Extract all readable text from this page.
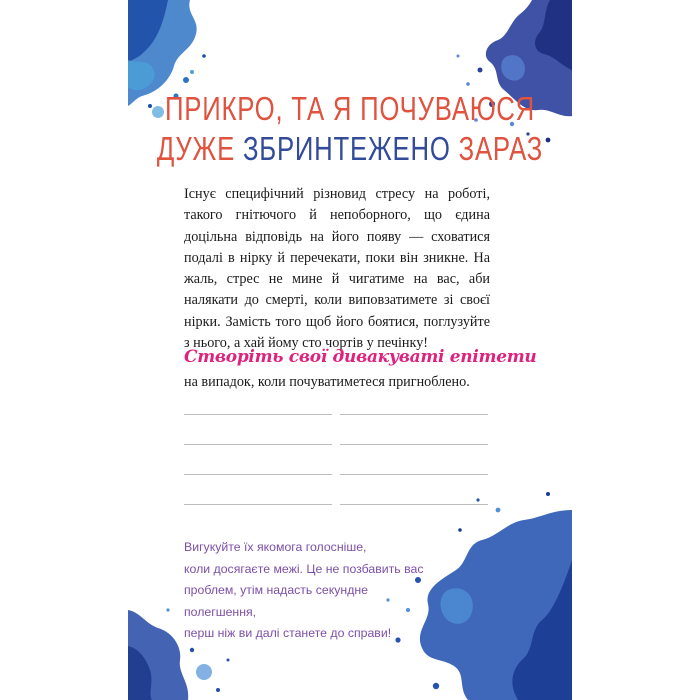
ПРИКРО, ТА Я ПОЧУВАЮСЯ
ДУЖЕ ЗБРИНТЕЖЕНО ЗАРАЗ
Існує специфічний різновид стресу на роботі, такого гнітючого й непоборного, що єдина доцільна відповідь на його появу — сховатися подалі в нірку й перечекати, поки він зникне. На жаль, стрес не мине й чигатиме на вас, аби налякати до смерті, коли виповзатимете зі своєї нірки. Замість того щоб його боятися, поглузуйте з нього, а хай йому сто чортів у печінку!
Створіть свої дивакуваті епітети
на випадок, коли почуватиметеся пригноблено.
Вигукуйте їх якомога голосніше,
коли досягаєте межі. Це не позбавить вас
проблем, утім надасть секундне полегшення,
перш ніж ви далі станете до справи!
